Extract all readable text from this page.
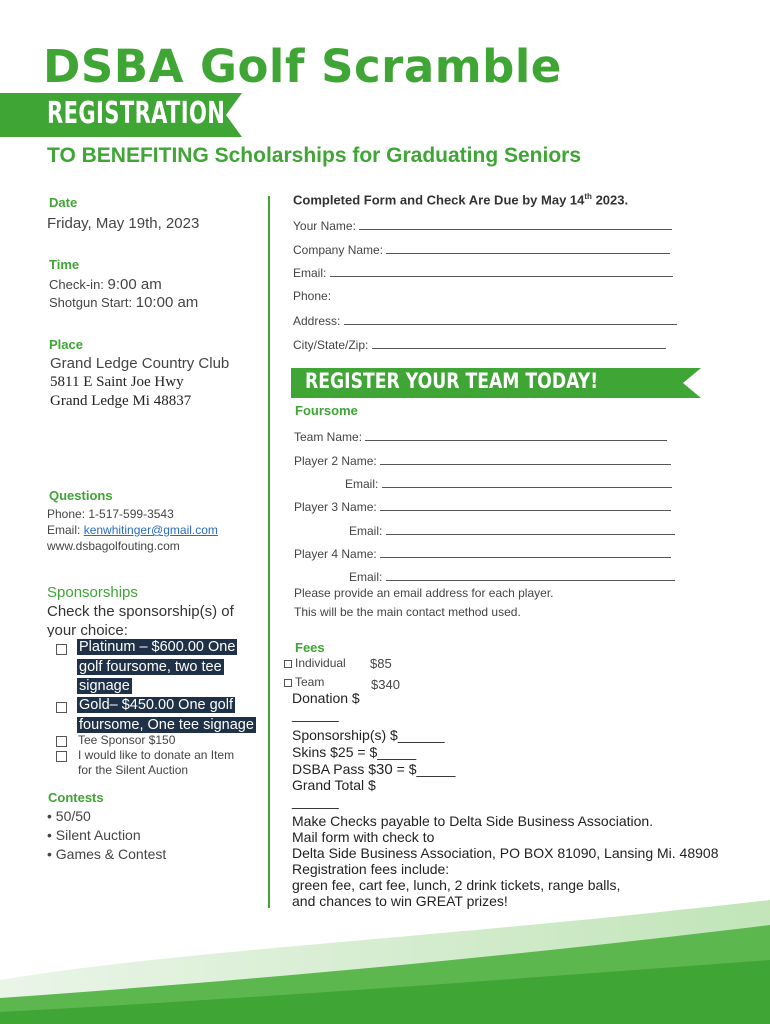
DSBA Golf Scramble
REGISTRATION
TO BENEFITING Scholarships for Graduating Seniors
Date
Friday, May 19th, 2023
Time
Check-in: 9:00 am
Shotgun Start: 10:00 am
Place
Grand Ledge Country Club
5811 E Saint Joe Hwy
Grand Ledge Mi 48837
Questions
Phone: 1-517-599-3543
Email: kenwhitinger@gmail.com
www.dsbagolfouting.com
Sponsorships
Check the sponsorship(s) of
your choice:
Platinum – $600.00 One
golf foursome, two tee
signage
Gold– $450.00 One golf
foursome, One tee signage
Tee Sponsor $150
I would like to donate an Item
for the Silent Auction
Contests
• 50/50
• Silent Auction
• Games & Contest
Completed Form and Check Are Due by May 14th 2023.
Your Name:
Company Name:
Email:
Phone:
Address:
City/State/Zip:
REGISTER YOUR TEAM TODAY!
Foursome
Team Name:
Player 2 Name:
Email:
Player 3 Name:
Email:
Player 4 Name:
Email:
Please provide an email address for each player.
This will be the main contact method used.
Fees
Individual $85
Team	$340
Donation $
______
Sponsorship(s) $______
Skins $25 = $_____
DSBA Pass $30 = $_____
Grand Total $
______
Make Checks payable to Delta Side Business Association.
Mail form with check to
Delta Side Business Association, PO BOX 81090, Lansing Mi. 48908
Registration fees include:
green fee, cart fee, lunch, 2 drink tickets, range balls,
and chances to win GREAT prizes!
